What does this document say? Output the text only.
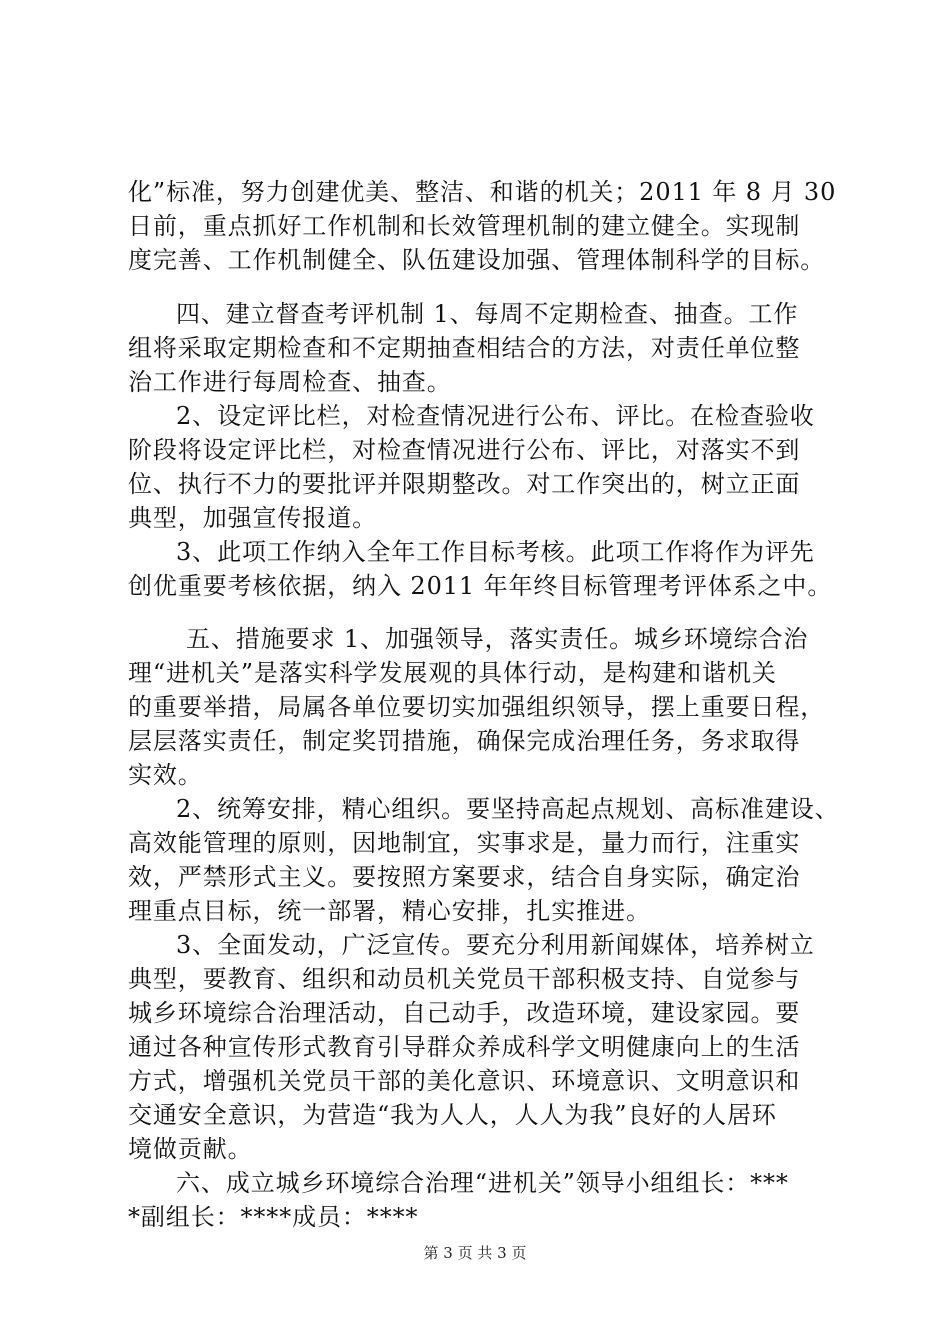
化”标准，努力创建优美、整洁、和谐的机关；2011 年 8 月 30
日前，重点抓好工作机制和长效管理机制的建立健全。实现制
度完善、工作机制健全、队伍建设加强、管理体制科学的目标。
四、建立督查考评机制 1、每周不定期检查、抽查。工作
组将采取定期检查和不定期抽查相结合的方法，对责任单位整
治工作进行每周检查、抽查。
2、设定评比栏，对检查情况进行公布、评比。在检查验收
阶段将设定评比栏，对检查情况进行公布、评比，对落实不到
位、执行不力的要批评并限期整改。对工作突出的，树立正面
典型，加强宣传报道。
3、此项工作纳入全年工作目标考核。此项工作将作为评先
创优重要考核依据，纳入 2011 年年终目标管理考评体系之中。
五、措施要求 1、加强领导，落实责任。城乡环境综合治
理“进机关”是落实科学发展观的具体行动，是构建和谐机关
的重要举措，局属各单位要切实加强组织领导，摆上重要日程，
层层落实责任，制定奖罚措施，确保完成治理任务，务求取得
实效。
2、统筹安排，精心组织。要坚持高起点规划、高标准建设、
高效能管理的原则，因地制宜，实事求是，量力而行，注重实
效，严禁形式主义。要按照方案要求，结合自身实际，确定治
理重点目标，统一部署，精心安排，扎实推进。
3、全面发动，广泛宣传。要充分利用新闻媒体，培养树立
典型，要教育、组织和动员机关党员干部积极支持、自觉参与
城乡环境综合治理活动，自己动手，改造环境，建设家园。要
通过各种宣传形式教育引导群众养成科学文明健康向上的生活
方式，增强机关党员干部的美化意识、环境意识、文明意识和
交通安全意识，为营造“我为人人，人人为我”良好的人居环
境做贡献。
六、成立城乡环境综合治理“进机关”领导小组组长：***
*副组长：****成员：****
第 3 页 共 3 页
